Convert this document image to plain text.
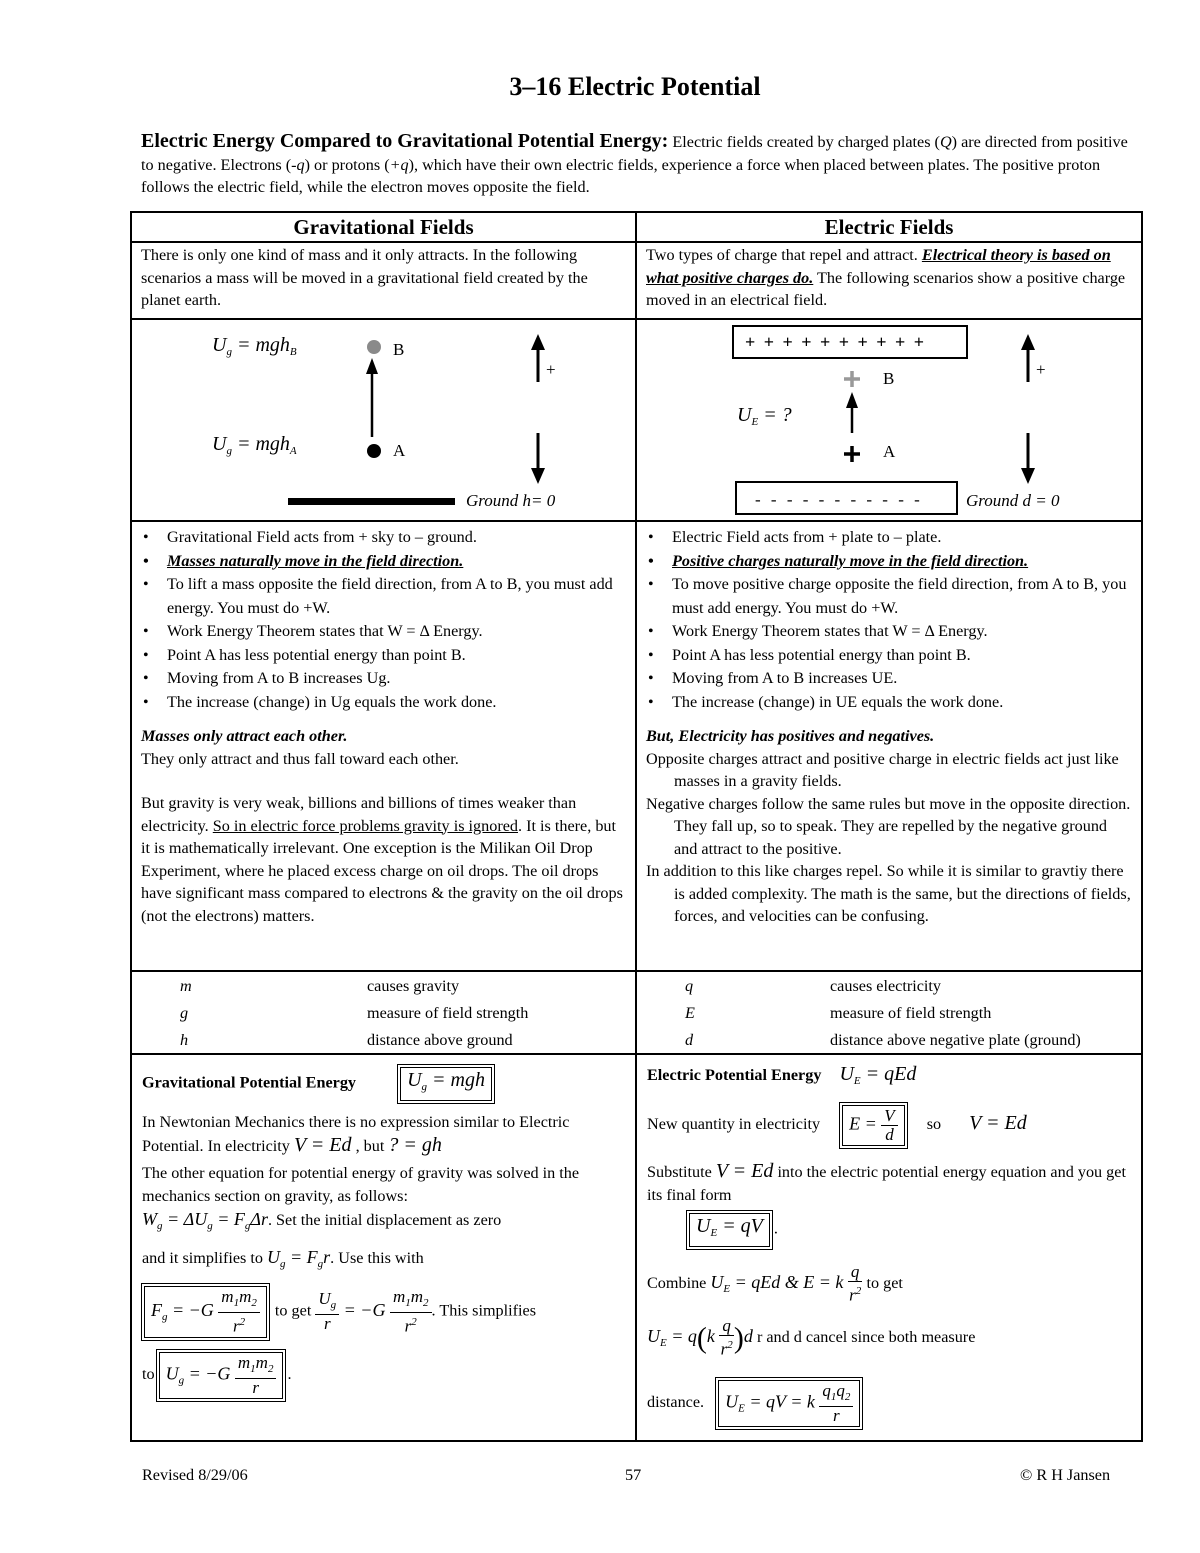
3–16 Electric Potential
Electric Energy Compared to Gravitational Potential Energy: Electric fields created by charged plates (Q) are directed from positive to negative. Electrons (-q) or protons (+q), which have their own electric fields, experience a force when placed between plates. The positive proton follows the electric field, while the electron moves opposite the field.
Gravitational Fields	Electric Fields

There is only one kind of mass and it only attracts. In the following scenarios a mass will be moved in a gravitational field created by the planet earth.

Two types of charge that repel and attract. Electrical theory is based on what positive charges do. The following scenarios show a positive charge moved in an electrical field.

$U_g = mgh_B$
$U_g = mgh_A$
B
A
+
Ground h= 0

+ + + + + + + + + +
- - - - - - - - - - -
$U_E$ = ?
B
A
+
Ground d = 0

• Gravitational Field acts from + sky to – ground.
• Masses naturally move in the field direction.
• To lift a mass opposite the field direction, from A to B, you must add energy. You must do +W.
• Work Energy Theorem states that W = Δ Energy.
• Point A has less potential energy than point B.
• Moving from A to B increases Ug.
• The increase (change) in Ug equals the work done.
Masses only attract each other.
They only attract and thus fall toward each other.
But gravity is very weak, billions and billions of times weaker than electricity. So in electric force problems gravity is ignored. It is there, but it is mathematically irrelevant. One exception is the Milikan Oil Drop Experiment, where he placed excess charge on oil drops. The oil drops have significant mass compared to electrons & the gravity on the oil drops (not the electrons) matters.

• Electric Field acts from + plate to – plate.
• Positive charges naturally move in the field direction.
• To move positive charge opposite the field direction, from A to B, you must add energy. You must do +W.
• Work Energy Theorem states that W = Δ Energy.
• Point A has less potential energy than point B.
• Moving from A to B increases UE.
• The increase (change) in UE equals the work done.
But, Electricity has positives and negatives.
Opposite charges attract and positive charge in electric fields act just like masses in a gravity fields.
Negative charges follow the same rules but move in the opposite direction. They fall up, so to speak. They are repelled by the negative ground and attract to the positive.
In addition to this like charges repel. So while it is similar to gravtiy there is added complexity. The math is the same, but the directions of fields, forces, and velocities can be confusing.

m	causes gravity
g	measure of field strength
h	distance above ground

q	causes electricity
E	measure of field strength
d	distance above negative plate (ground)

Gravitational Potential Energy	$U_g$ = mgh
In Newtonian Mechanics there is no expression similar to Electric Potential. In electricity V = Ed , but ? = gh
The other equation for potential energy of gravity was solved in the mechanics section on gravity, as follows:
$W_g = \Delta U_g = F_g\Delta r$. Set the initial displacement as zero
and it simplifies to $U_g = F_gr$. Use this with
$F_g = -G \frac{m_1m_2}{r^2}$ to get $\frac{U_g}{r} = -G \frac{m_1m_2}{r^2}$ . This simplifies
to $U_g = -G \frac{m_1m_2}{r}$ .

Electric Potential Energy $U_E$ = qEd
New quantity in electricity $E = \frac{V}{d}$ so V = Ed
Substitute V = Ed into the electric potential energy equation and you get its final form
$U_E$ = qV .
Combine $U_E$ = qEd & E = k $\frac{q}{r^2}$ to get
$U_E = q(k \frac{q}{r^2} )d$ r and d cancel since both measure
distance. $U_E$ = qV = k $\frac{q_1q_2}{r}$
Revised 8/29/06	57	© R H Jansen
